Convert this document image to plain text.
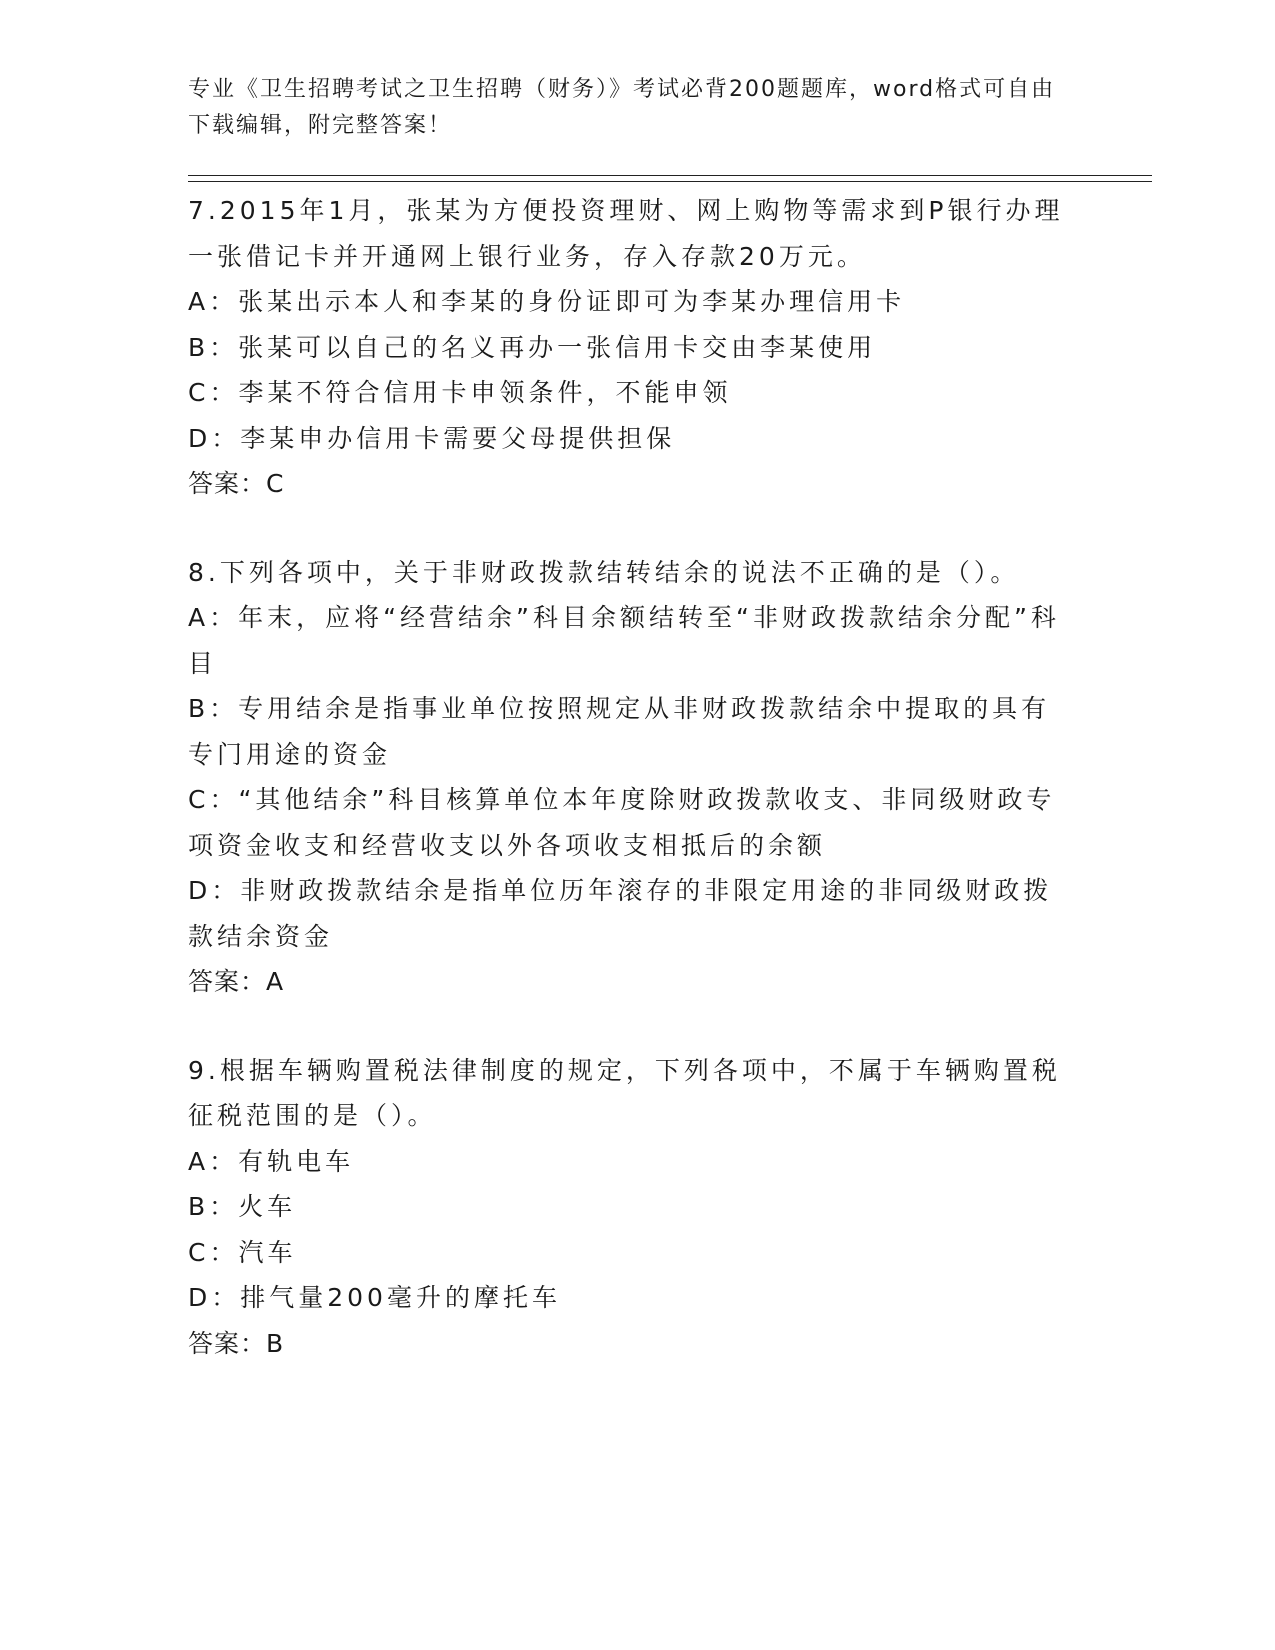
专业《卫生招聘考试之卫生招聘（财务）》考试必背200题题库，word格式可自由下载编辑，附完整答案！

7.2015年1月，张某为方便投资理财、网上购物等需求到P银行办理一张借记卡并开通网上银行业务，存入存款20万元。

A：张某出示本人和李某的身份证即可为李某办理信用卡

B：张某可以自己的名义再办一张信用卡交由李某使用

C：李某不符合信用卡申领条件，不能申领

D：李某申办信用卡需要父母提供担保

答案：C

8.下列各项中，关于非财政拨款结转结余的说法不正确的是（）。

A：年末，应将“经营结余”科目余额结转至“非财政拨款结余分配”科目

B：专用结余是指事业单位按照规定从非财政拨款结余中提取的具有专门用途的资金

C：“其他结余”科目核算单位本年度除财政拨款收支、非同级财政专项资金收支和经营收支以外各项收支相抵后的余额

D：非财政拨款结余是指单位历年滚存的非限定用途的非同级财政拨款结余资金

答案：A

9.根据车辆购置税法律制度的规定，下列各项中，不属于车辆购置税征税范围的是（）。

A：有轨电车

B：火车

C：汽车

D：排气量200毫升的摩托车

答案：B
